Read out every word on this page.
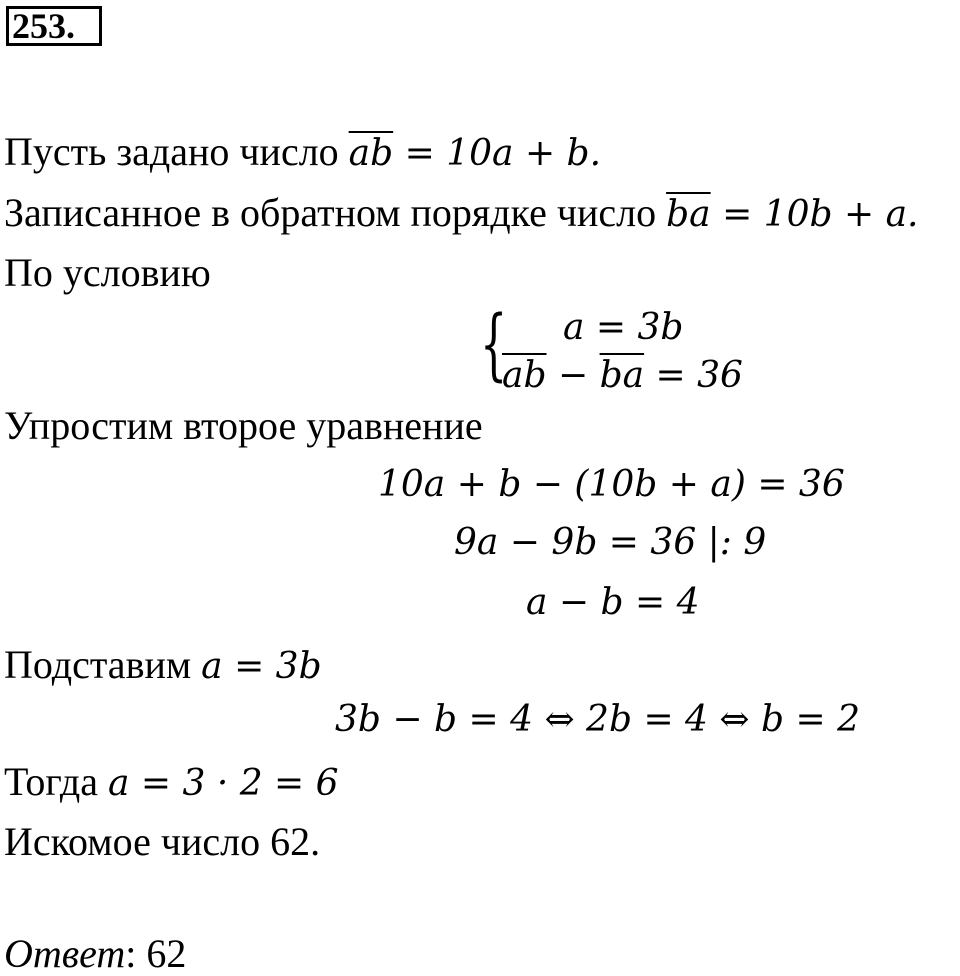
253.
Пусть задано число $\overline{ab} = 10a + b$.
Записанное в обратном порядке число $\overline{ba} = 10b + a$.
По условию
{ a = 3b
$\overline{ab} - \overline{ba} = 36$
Упростим второе уравнение
10a + b − (10b + a) = 36
9a − 9b = 36 |: 9
a − b = 4
Подставим a = 3b
3b − b = 4 ⇔ 2b = 4 ⇔ b = 2
Тогда a = 3 · 2 = 6
Искомое число 62.
Ответ: 62
